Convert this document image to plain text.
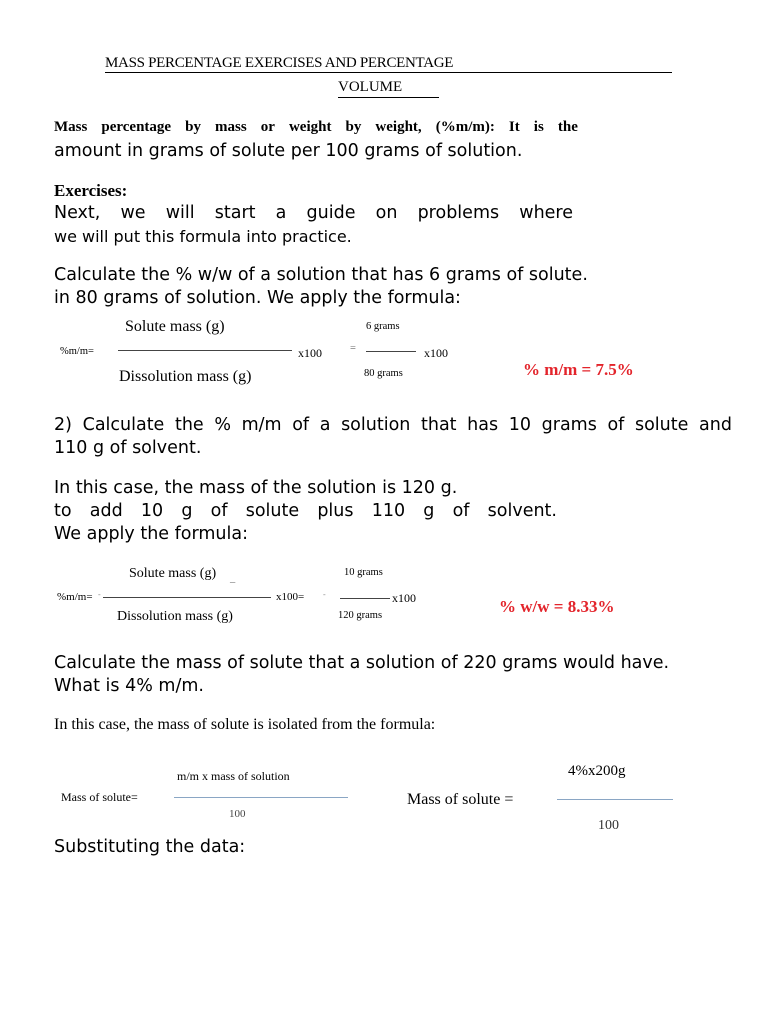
MASS PERCENTAGE EXERCISES AND PERCENTAGE
VOLUME
Mass percentage by mass or weight by weight, (%m/m): It is the
amount in grams of solute per 100 grams of solution.
Exercises:
Next, we will start a guide on problems where
we will put this formula into practice.
Calculate the % w/w of a solution that has 6 grams of solute.
in 80 grams of solution. We apply the formula:
%m/m=
Solute mass (g)
Dissolution mass (g)
x100	=
6 grams
80 grams
x100
% m/m = 7.5%
2) Calculate the % m/m of a solution that has 10 grams of solute and
110 g of solvent.
In this case, the mass of the solution is 120 g.
to add 10 g of solute plus 110 g of solvent.
We apply the formula:
%m/m= -
Solute mass (g) _
Dissolution mass (g)
x100= -
10 grams
120 grams
x100	% w/w = 8.33%
Calculate the mass of solute that a solution of 220 grams would have.
What is 4% m/m.
In this case, the mass of solute is isolated from the formula:
Mass of solute=
m/m x mass of solution
100
Mass of solute =
4%x200g
100
Substituting the data:
